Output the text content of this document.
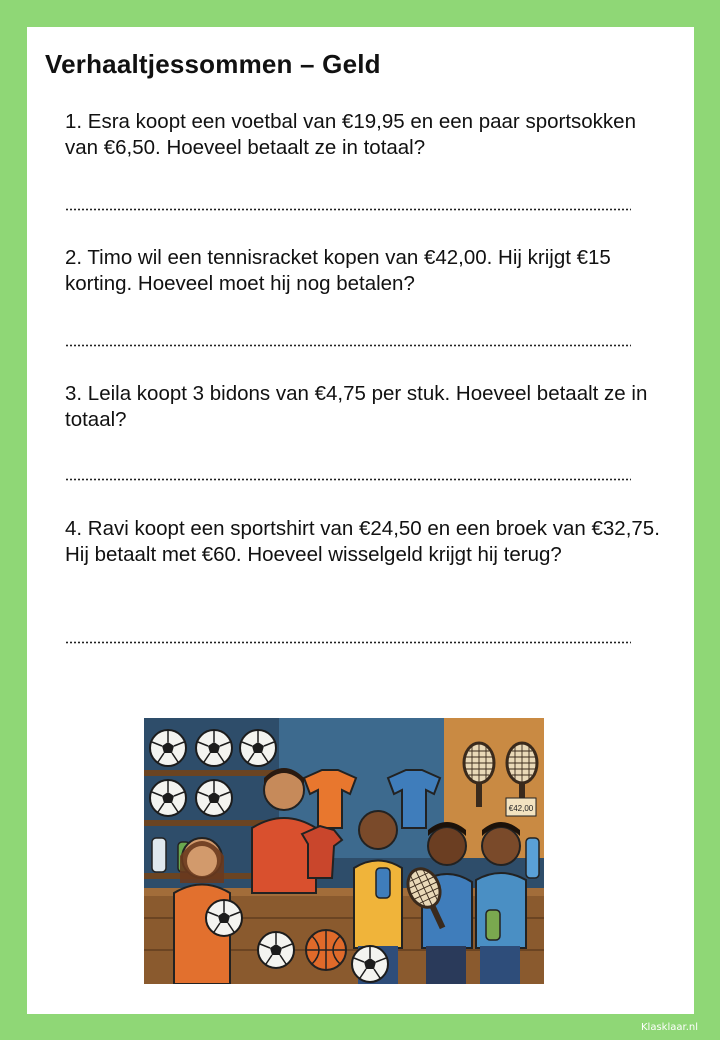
Verhaaltjessommen – Geld
1. Esra koopt een voetbal van €19,95 en een paar sportsokken van €6,50. Hoeveel betaalt ze in totaal?
2. Timo wil een tennisracket kopen van €42,00. Hij krijgt €15 korting. Hoeveel moet hij nog betalen?
3. Leila koopt 3 bidons van €4,75 per stuk. Hoeveel betaalt ze in totaal?
4. Ravi koopt een sportshirt van €24,50 en een broek van €32,75. Hij betaalt met €60. Hoeveel wisselgeld krijgt hij terug?
€42,00
Klasklaar.nl
